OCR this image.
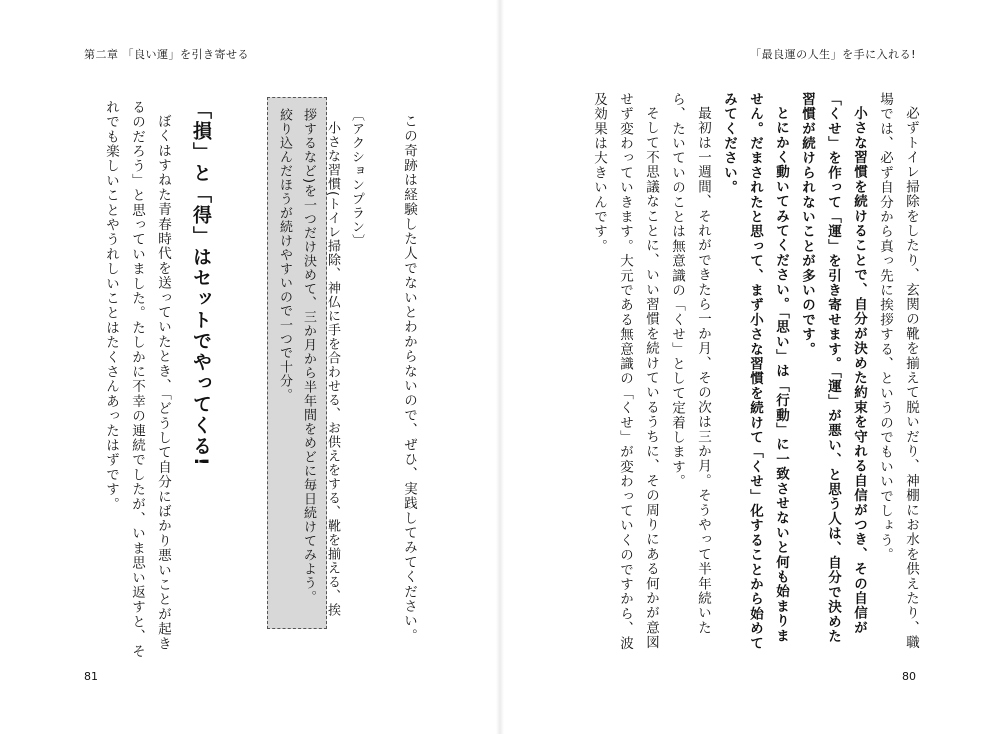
第二章 「良い運」を引き寄せる	「最良運の人生」を手に入れる!

必ずトイレ掃除をしたり、玄関の靴を揃えて脱いだり、神棚にお水を供えたり、職場では、必ず自分から真っ先に挨拶する、というのでもいいでしょう。

小さな習慣を続けることで、自分が決めた約束を守れる自信がつき、その自信が「くせ」を作って「運」を引き寄せます。「運」が悪い、と思う人は、自分で決めた習慣が続けられないことが多いのです。

とにかく動いてみてください。「思い」は「行動」に一致させないと何も始まりません。だまされたと思って、まず小さな習慣を続けて「くせ」化することから始めてみてください。

最初は一週間、それができたら一か月、その次は三か月。そうやって半年続いたら、たいていのことは無意識の「くせ」として定着します。

そして不思議なことに、いい習慣を続けているうちに、その周りにある何かが意図せず変わっていきます。大元である無意識の「くせ」が変わっていくのですから、波及効果は大きいんです。

この奇跡は経験した人でないとわからないので、ぜひ、実践してみてください。

〔アクションプラン〕

小さな習慣(トイレ掃除、神仏に手を合わせる、お供えをする、靴を揃える、挨拶するなど)を一つだけ決めて、三か月から半年間をめどに毎日続けてみよう。絞り込んだほうが続けやすいので一つで十分。

「損」と「得」はセットでやってくる!

ぼくはすねた青春時代を送っていたとき、「どうして自分にばかり悪いことが起きるのだろう」と思っていました。たしかに不幸の連続でしたが、いま思い返すと、それでも楽しいことやうれしいことはたくさんあったはずです。

81	80
